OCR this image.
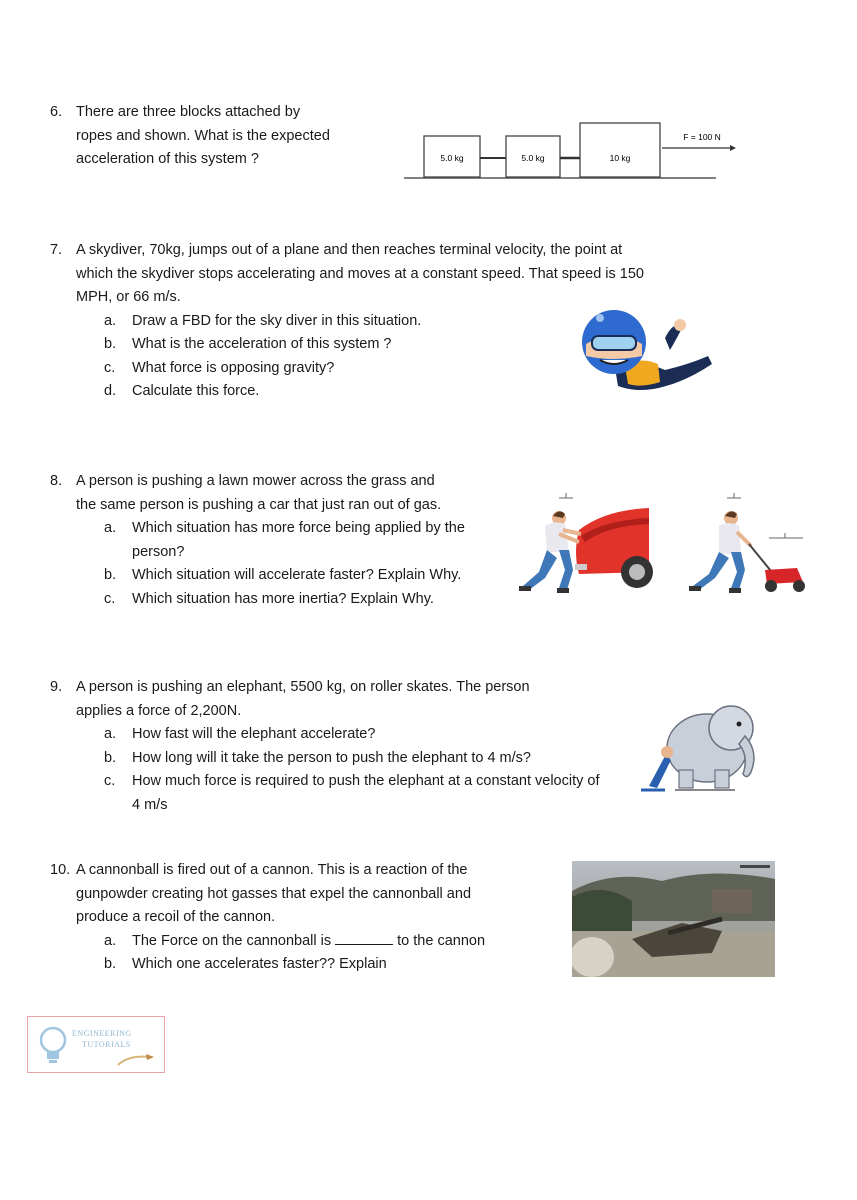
6. There are three blocks attached by
ropes and shown. What is the expected
acceleration of this system ?	5.0 kg	5.0 kg	10 kg
F = 100 N
7. A skydiver, 70kg, jumps out of a plane and then reaches terminal velocity, the point at
which the skydiver stops accelerating and moves at a constant speed. That speed is 150
MPH, or 66 m/s.
a. Draw a FBD for the sky diver in this situation.
b. What is the acceleration of this system ?
c. What force is opposing gravity?
d. Calculate this force.
8. A person is pushing a lawn mower across the grass and
the same person is pushing a car that just ran out of gas.
a. Which situation has more force being applied by the person?
b. Which situation will accelerate faster? Explain Why.
c. Which situation has more inertia? Explain Why.
9. A person is pushing an elephant, 5500 kg, on roller skates. The person
applies a force of 2,200N.
a. How fast will the elephant accelerate?
b. How long will it take the person to push the elephant to 4 m/s?
c. How much force is required to push the elephant at a constant velocity of 4 m/s
10. A cannonball is fired out of a cannon. This is a reaction of the
gunpowder creating hot gasses that expel the cannonball and
produce a recoil of the cannon.
a. The Force on the cannonball is	to the cannon
b. Which one accelerates faster?? Explain
ENGINEERING
TUTORIALS
